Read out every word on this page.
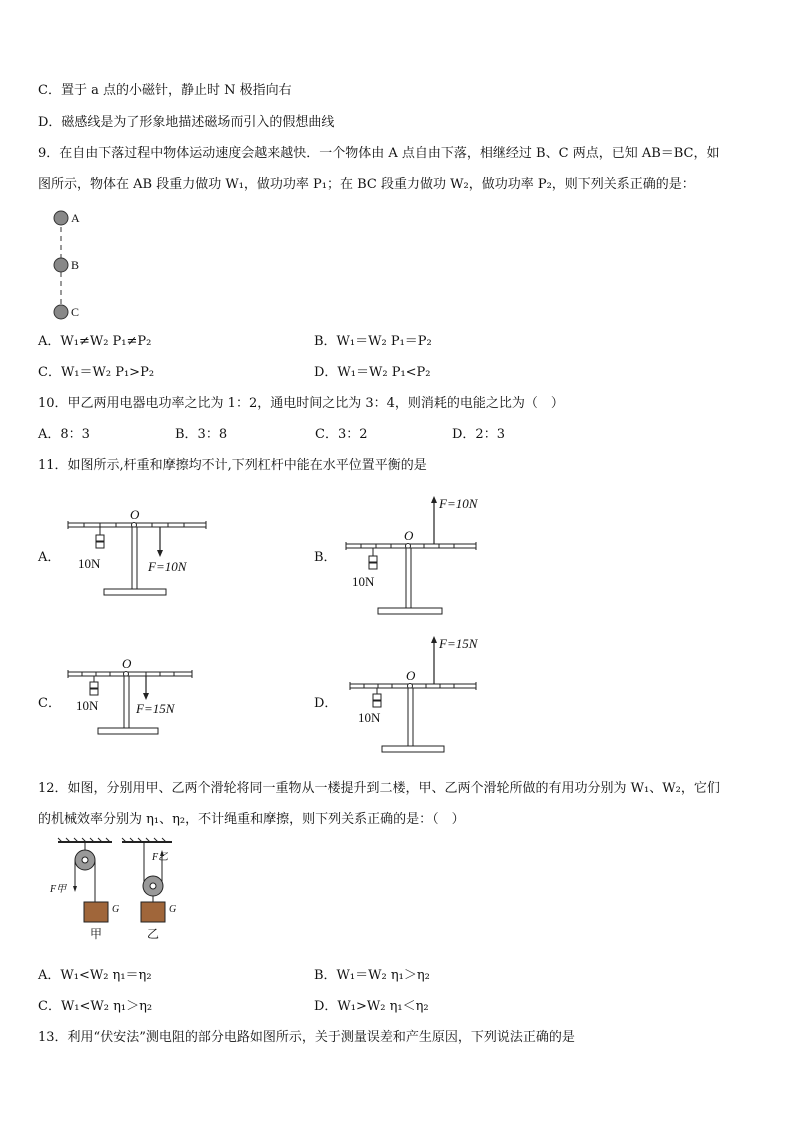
C．置于 a 点的小磁针，静止时 N 极指向右
D．磁感线是为了形象地描述磁场而引入的假想曲线
9．在自由下落过程中物体运动速度会越来越快．一个物体由 A 点自由下落，相继经过 B、C 两点，已知 AB＝BC，如
图所示，物体在 AB 段重力做功 W₁，做功功率 P₁；在 BC 段重力做功 W₂，做功功率 P₂，则下列关系正确的是：
A
B
C
A．W₁≠W₂ P₁≠P₂	B．W₁＝W₂ P₁＝P₂
C．W₁＝W₂ P₁>P₂	D．W₁＝W₂ P₁<P₂
10．甲乙两用电器电功率之比为 1：2，通电时间之比为 3：4，则消耗的电能之比为（　）
A．8：3	B．3：8	C．3：2	D．2：3
11．如图所示,杆重和摩擦均不计,下列杠杆中能在水平位置平衡的是
A．	B．
C．	D．
O
10N	F=10N
O
10N
F=10N
O
10N	F=15N
O
10N
F=15N
12．如图，分别用甲、乙两个滑轮将同一重物从一楼提升到二楼，甲、乙两个滑轮所做的有用功分别为 W₁、W₂，它们
的机械效率分别为 η₁、η₂，不计绳重和摩擦，则下列关系正确的是：（　）
F甲
G
甲
F乙
G
乙
A．W₁<W₂ η₁＝η₂	B．W₁＝W₂ η₁＞η₂
C．W₁<W₂ η₁＞η₂	D．W₁>W₂ η₁＜η₂
13．利用“伏安法”测电阻的部分电路如图所示，关于测量误差和产生原因，下列说法正确的是
